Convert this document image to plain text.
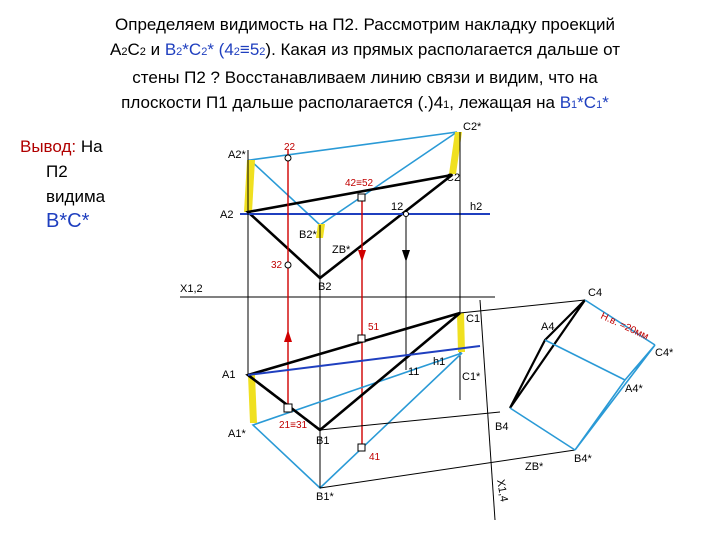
Определяем видимость на П2. Рассмотрим накладку проекций
A2C2 и B2*C2* (42≡52). Какая из прямых располагается дальше от
стены П2 ? Восстанавливаем линию связи и видим, что на
плоскости П1 дальше располагается (.)41, лежащая на B1*C1*
Вывод: На
П2
видима
B*C*
A2*
A2
C2*
C2
B2*
B2
h2
X1,2
22
12
32
42≡52
ZB*
A1
A1*
C1
C1*
B1
B1*
h1
11
51
41
21≡31
C4
C4*
A4
A4*
B4
B4*
X1,4
ZB*
Н.в. =20мм
